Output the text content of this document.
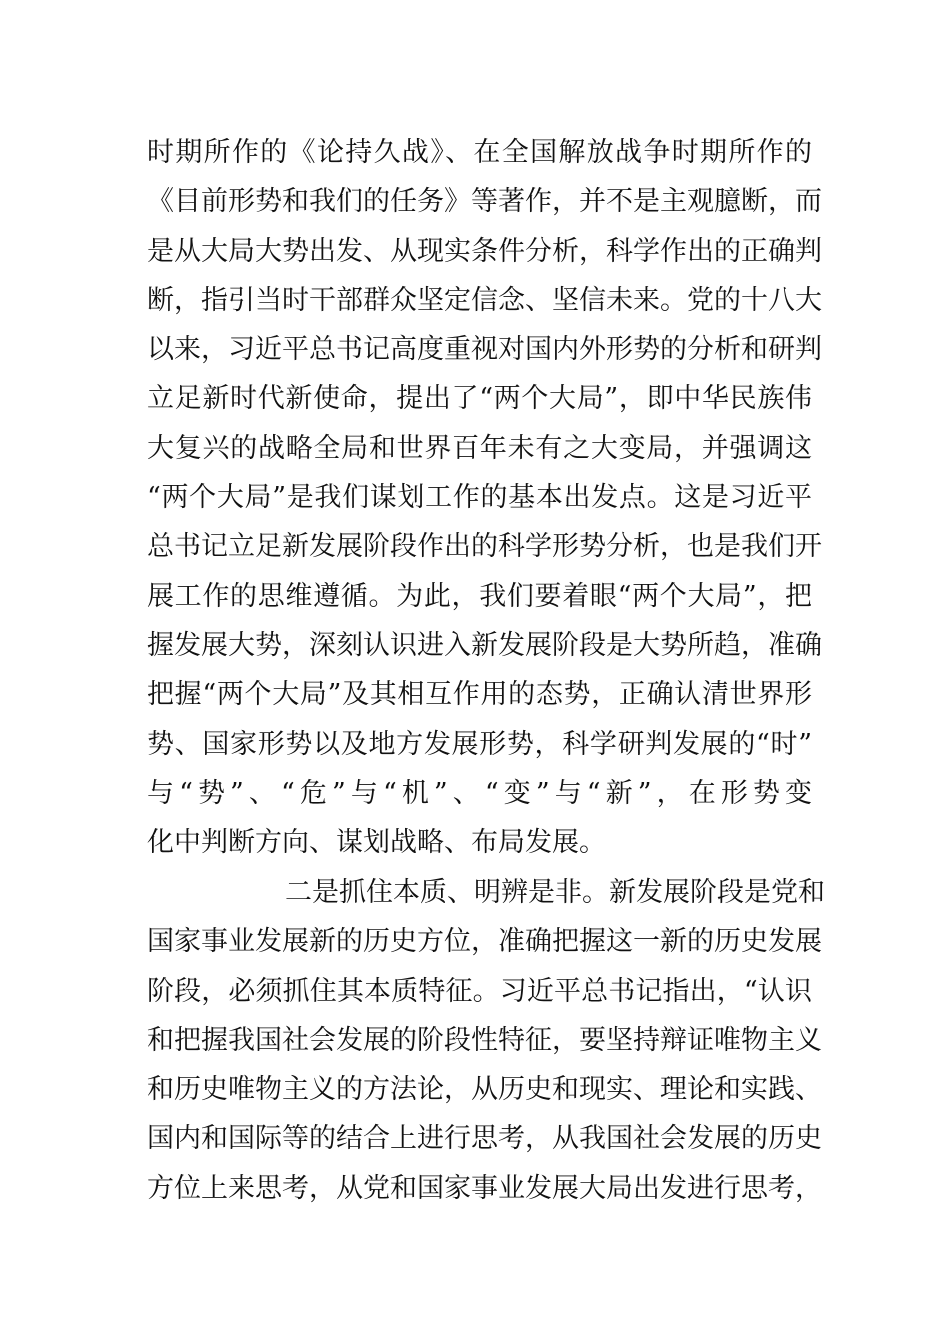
时期所作的《论持久战》、在全国解放战争时期所作的
《目前形势和我们的任务》等著作，并不是主观臆断，而
是从大局大势出发、从现实条件分析，科学作出的正确判
断，指引当时干部群众坚定信念、坚信未来。党的十八大
以来，习近平总书记高度重视对国内外形势的分析和研判
立足新时代新使命，提出了“两个大局”，即中华民族伟
大复兴的战略全局和世界百年未有之大变局，并强调这
“两个大局”是我们谋划工作的基本出发点。这是习近平
总书记立足新发展阶段作出的科学形势分析，也是我们开
展工作的思维遵循。为此，我们要着眼“两个大局”，把
握发展大势，深刻认识进入新发展阶段是大势所趋，准确
把握“两个大局”及其相互作用的态势，正确认清世界形
势、国家形势以及地方发展形势，科学研判发展的“时”
与“势”、“危”与“机”、“变”与“新”，在形势变
化中判断方向、谋划战略、布局发展。
二是抓住本质、明辨是非。新发展阶段是党和
国家事业发展新的历史方位，准确把握这一新的历史发展
阶段，必须抓住其本质特征。习近平总书记指出，“认识
和把握我国社会发展的阶段性特征，要坚持辩证唯物主义
和历史唯物主义的方法论，从历史和现实、理论和实践、
国内和国际等的结合上进行思考，从我国社会发展的历史
方位上来思考，从党和国家事业发展大局出发进行思考，
